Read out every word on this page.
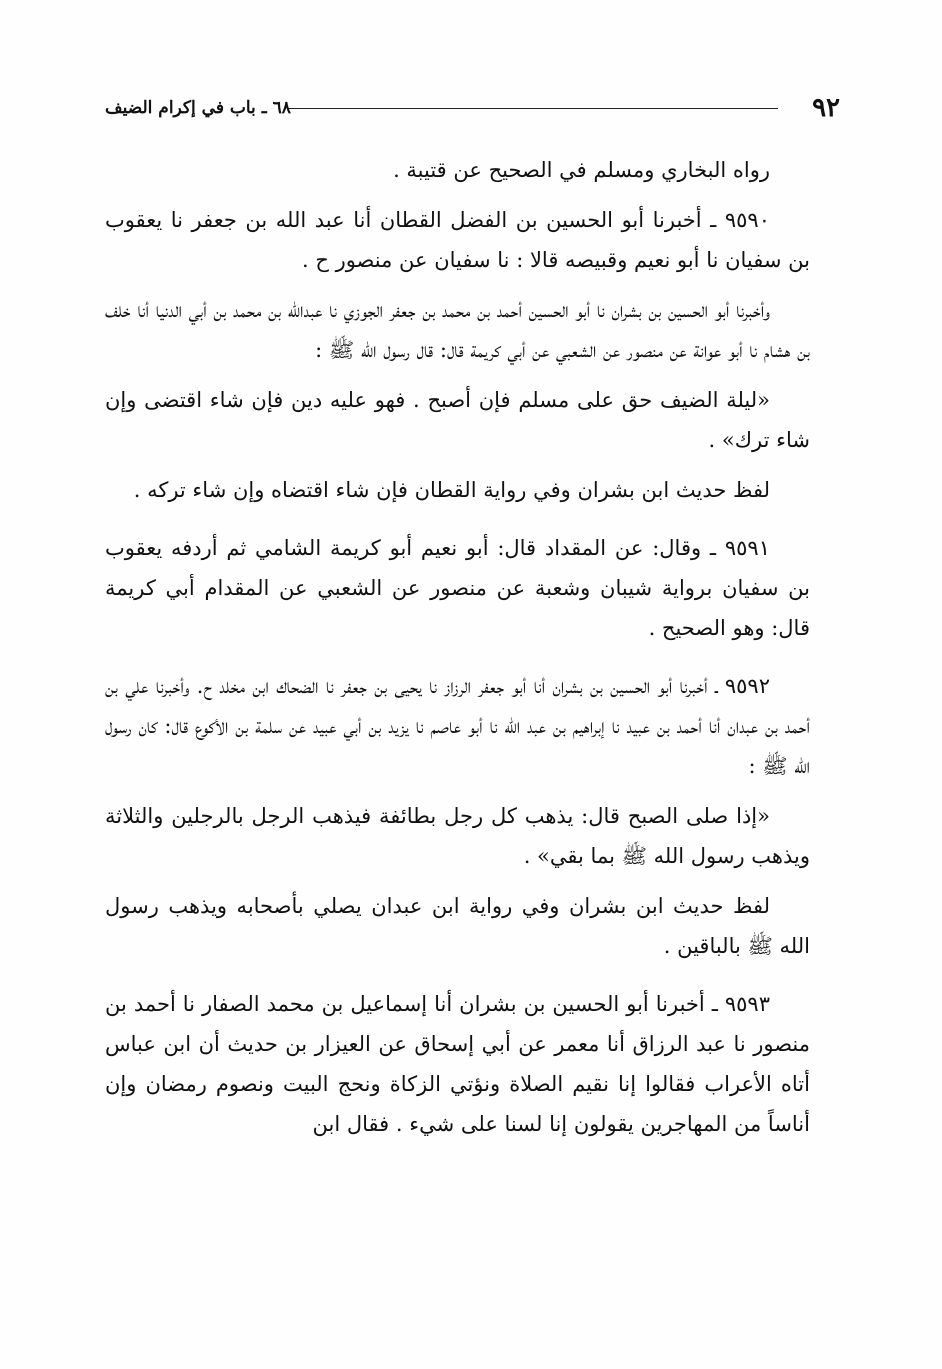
٩٢
٦٨ ـ باب في إكرام الضيف

رواه البخاري ومسلم في الصحيح عن قتيبة .

٩٥٩٠ ـ أخبرنا أبو الحسين بن الفضل القطان أنا عبد الله بن جعفر نا يعقوب بن سفيان نا أبو نعيم وقبيصه قالا : نا سفيان عن منصور ح .

وأخبرنا أبو الحسين بن بشران نا أبو الحسين أحمد بن محمد بن جعفر الجوزي نا عبدالله بن محمد بن أبي الدنيا أنا خلف بن هشام نا أبو عوانة عن منصور عن الشعبي عن أبي كريمة قال: قال رسول الله ﷺ :

«ليلة الضيف حق على مسلم فإن أصبح . فهو عليه دين فإن شاء اقتضى وإن شاء ترك» .

لفظ حديث ابن بشران وفي رواية القطان فإن شاء اقتضاه وإن شاء تركه .

٩٥٩١ ـ وقال: عن المقداد قال: أبو نعيم أبو كريمة الشامي ثم أردفه يعقوب بن سفيان برواية شيبان وشعبة عن منصور عن الشعبي عن المقدام أبي كريمة قال: وهو الصحيح .

٩٥٩٢ ـ أخبرنا أبو الحسين بن بشران أنا أبو جعفر الرزاز نا يحيى بن جعفر نا الضحاك ابن مخلد ح. وأخبرنا علي بن أحمد بن عبدان أنا أحمد بن عبيد نا إبراهيم بن عبد الله نا أبو عاصم نا يزيد بن أبي عبيد عن سلمة بن الأكوع قال: كان رسول الله ﷺ :

«إذا صلى الصبح قال: يذهب كل رجل بطائفة فيذهب الرجل بالرجلين والثلاثة ويذهب رسول الله ﷺ بما بقي» .

لفظ حديث ابن بشران وفي رواية ابن عبدان يصلي بأصحابه ويذهب رسول الله ﷺ بالباقين .

٩٥٩٣ ـ أخبرنا أبو الحسين بن بشران أنا إسماعيل بن محمد الصفار نا أحمد بن منصور نا عبد الرزاق أنا معمر عن أبي إسحاق عن العيزار بن حديث أن ابن عباس أتاه الأعراب فقالوا إنا نقيم الصلاة ونؤتي الزكاة ونحج البيت ونصوم رمضان وإن أناساً من المهاجرين يقولون إنا لسنا على شيء . فقال ابن
